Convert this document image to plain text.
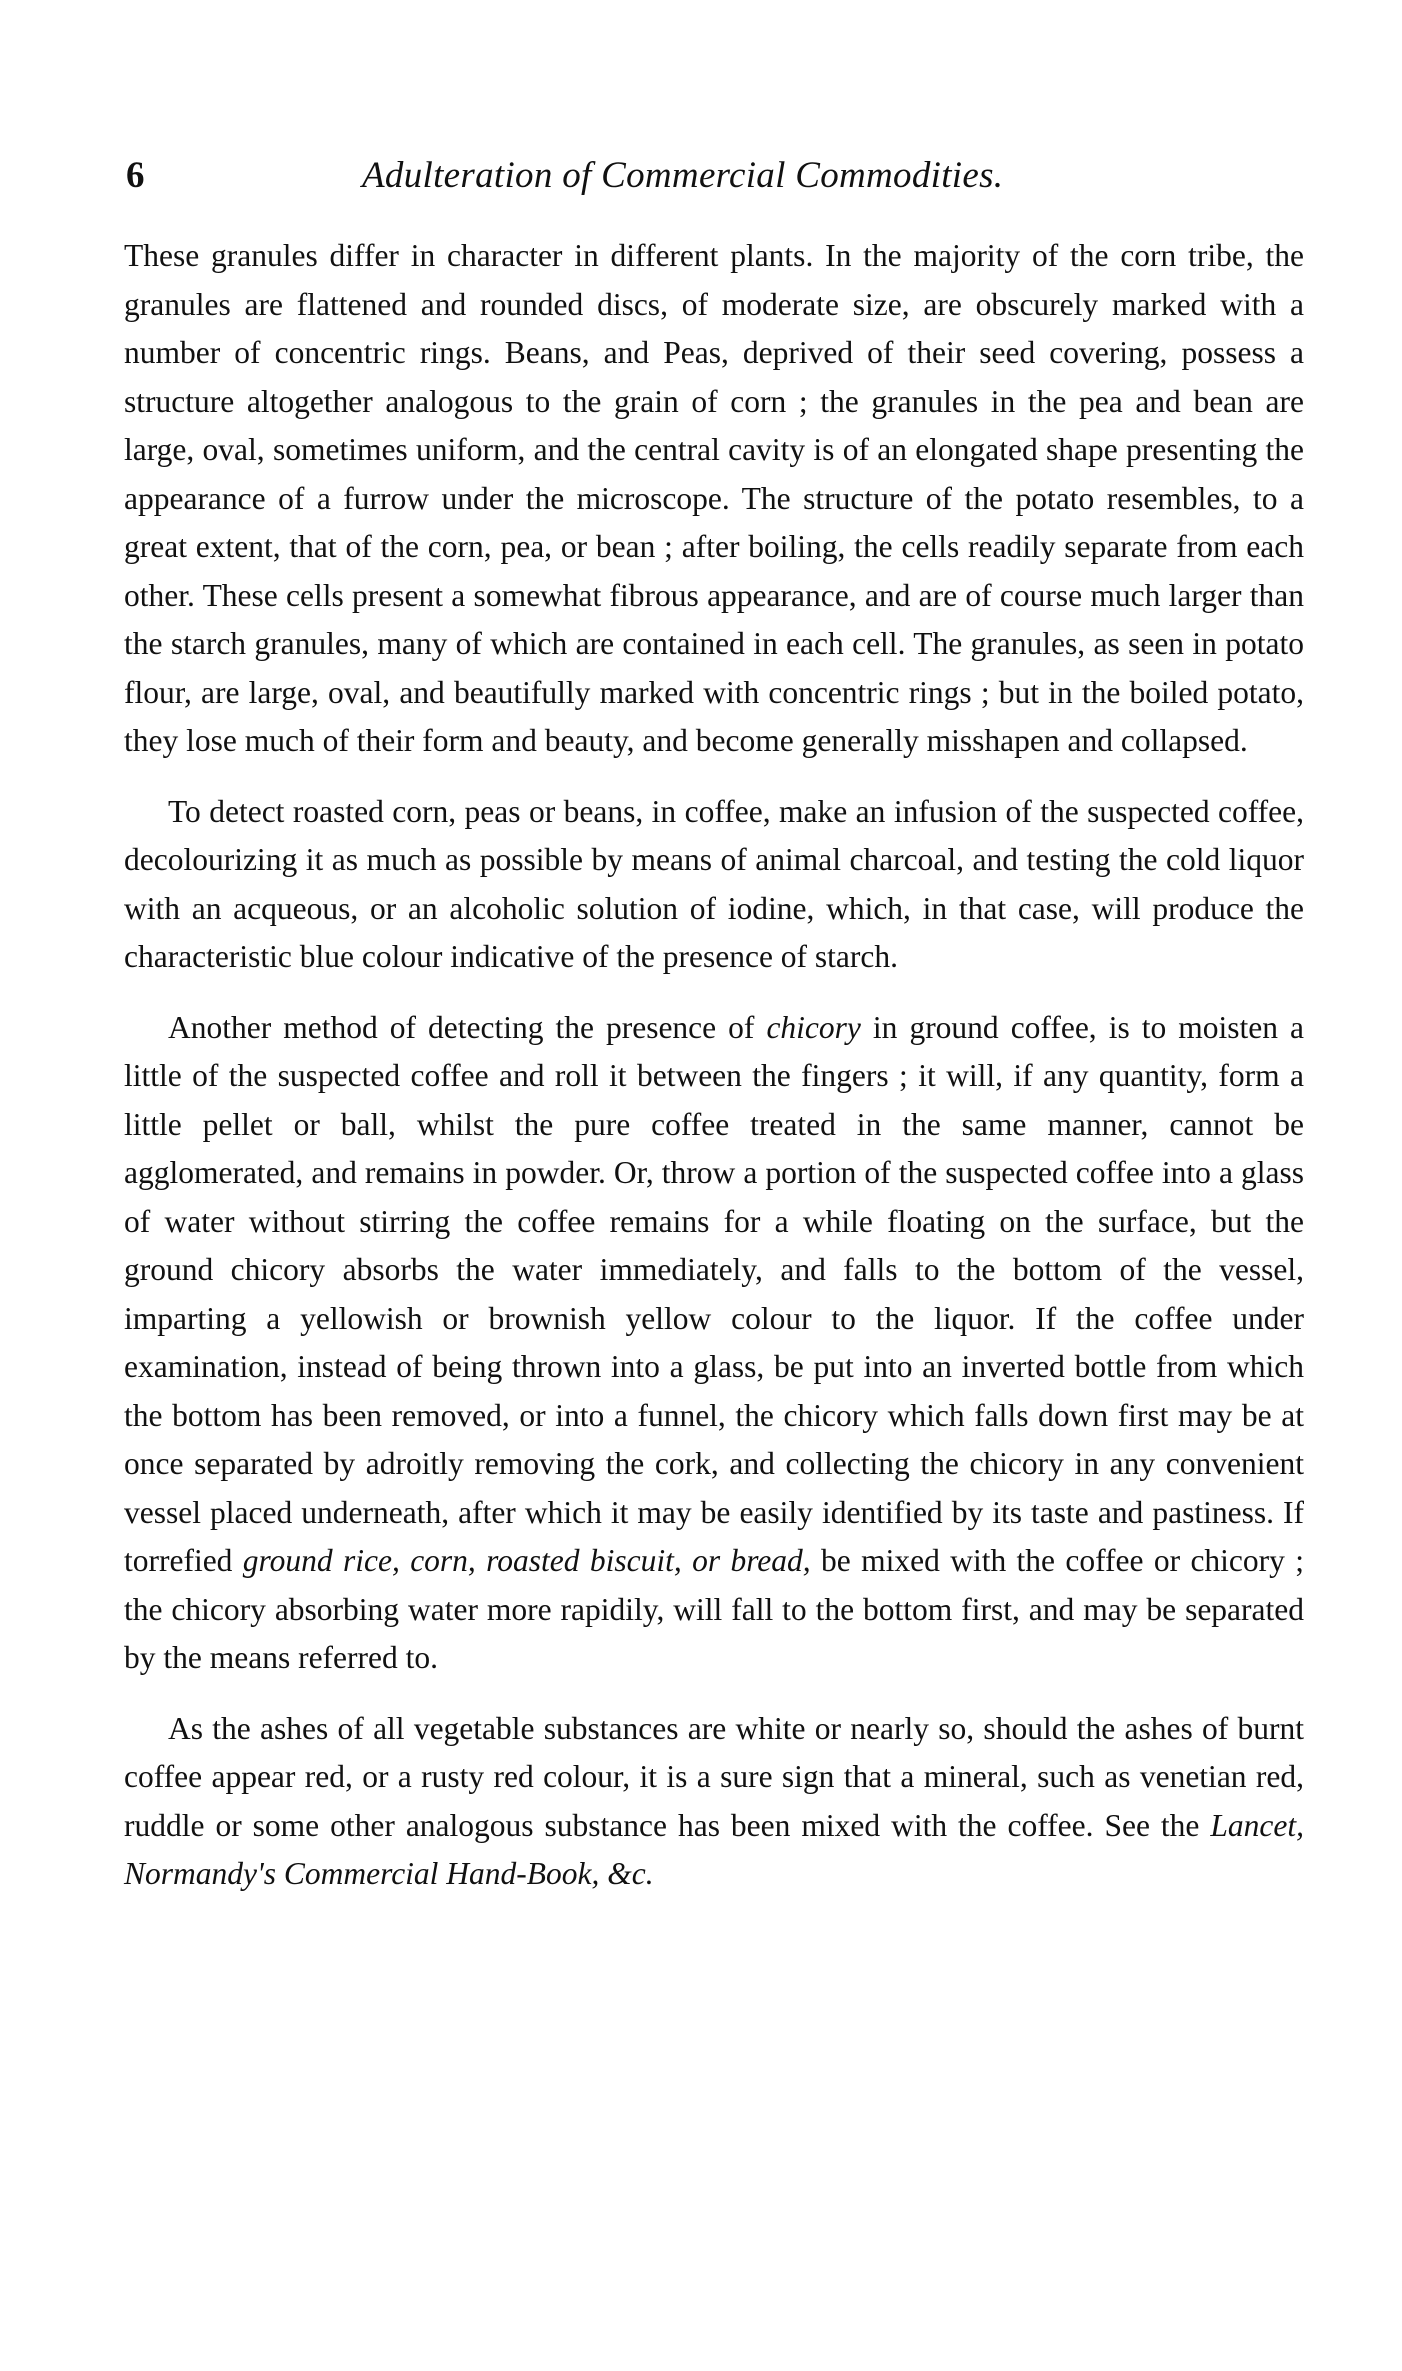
6	Adulteration of Commercial Commodities.

These granules differ in character in different plants. In the majority of the corn tribe, the granules are flattened and rounded discs, of moderate size, are obscurely marked with a number of concentric rings. Beans, and Peas, deprived of their seed covering, possess a structure altogether analogous to the grain of corn ; the granules in the pea and bean are large, oval, sometimes uniform, and the central cavity is of an elongated shape presenting the appearance of a furrow under the microscope. The structure of the potato resembles, to a great extent, that of the corn, pea, or bean ; after boiling, the cells readily separate from each other. These cells present a somewhat fibrous appearance, and are of course much larger than the starch granules, many of which are contained in each cell. The granules, as seen in potato flour, are large, oval, and beautifully marked with concentric rings ; but in the boiled potato, they lose much of their form and beauty, and become generally misshapen and collapsed.

To detect roasted corn, peas or beans, in coffee, make an infusion of the suspected coffee, decolourizing it as much as possible by means of animal charcoal, and testing the cold liquor with an acqueous, or an alcoholic solution of iodine, which, in that case, will produce the characteristic blue colour indicative of the presence of starch.

Another method of detecting the presence of chicory in ground coffee, is to moisten a little of the suspected coffee and roll it between the fingers ; it will, if any quantity, form a little pellet or ball, whilst the pure coffee treated in the same manner, cannot be agglomerated, and remains in powder. Or, throw a portion of the suspected coffee into a glass of water without stirring the coffee remains for a while floating on the surface, but the ground chicory absorbs the water immediately, and falls to the bottom of the vessel, imparting a yellowish or brownish yellow colour to the liquor. If the coffee under examination, instead of being thrown into a glass, be put into an inverted bottle from which the bottom has been removed, or into a funnel, the chicory which falls down first may be at once separated by adroitly removing the cork, and collecting the chicory in any convenient vessel placed underneath, after which it may be easily identified by its taste and pastiness. If torrefied ground rice, corn, roasted biscuit, or bread, be mixed with the coffee or chicory ; the chicory absorbing water more rapidily, will fall to the bottom first, and may be separated by the means referred to.

As the ashes of all vegetable substances are white or nearly so, should the ashes of burnt coffee appear red, or a rusty red colour, it is a sure sign that a mineral, such as venetian red, ruddle or some other analogous substance has been mixed with the coffee. See the Lancet, Normandy's Commercial Hand-Book, &c.
